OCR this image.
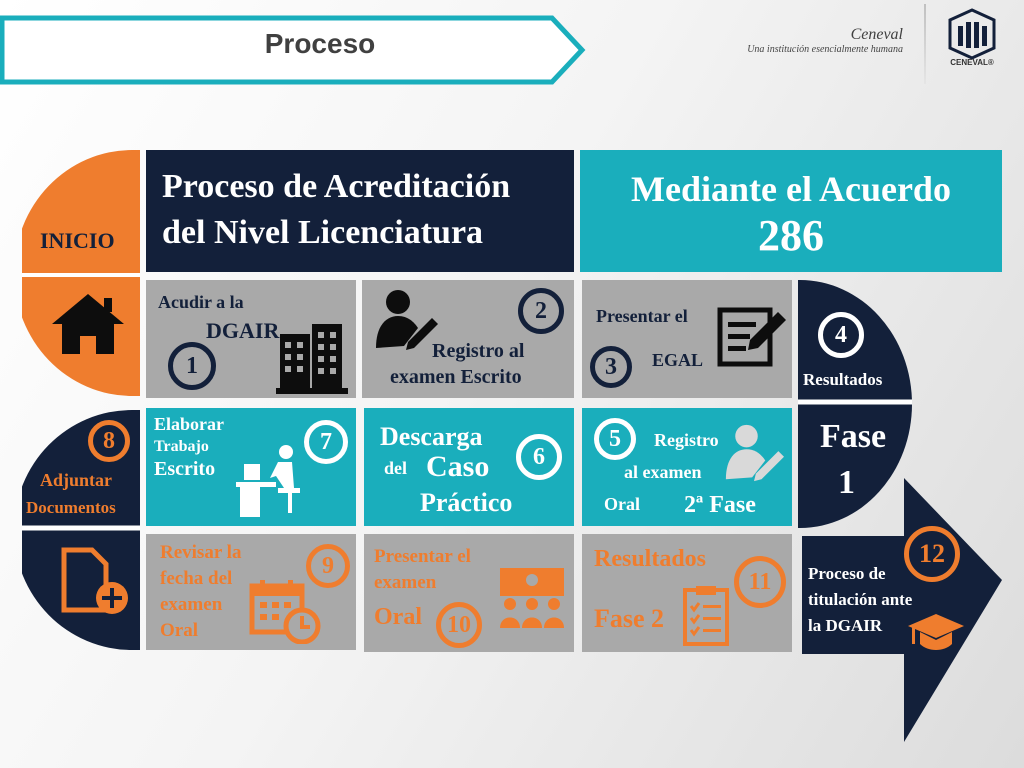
Proceso	Ceneval
Una institución esencialmente humana
CENEVAL®
INICIO
Proceso de Acreditación
del Nivel Licenciatura
Mediante el Acuerdo
286
Acudir a la
DGAIR
1
2
Registro al
examen Escrito
Presentar el
3 EGAL
4
Resultados
Fase
1
8
Adjuntar
Documentos
Elaborar
Trabajo
Escrito
7 Descarga
del Caso
Práctico
6
5 Registro
al examen
Oral 2ª Fase
Revisar la
fecha del
examen
Oral
9 Presentar el
examen
Oral 10
Resultados
11
Fase 2
12
Proceso de
titulación ante
la DGAIR
